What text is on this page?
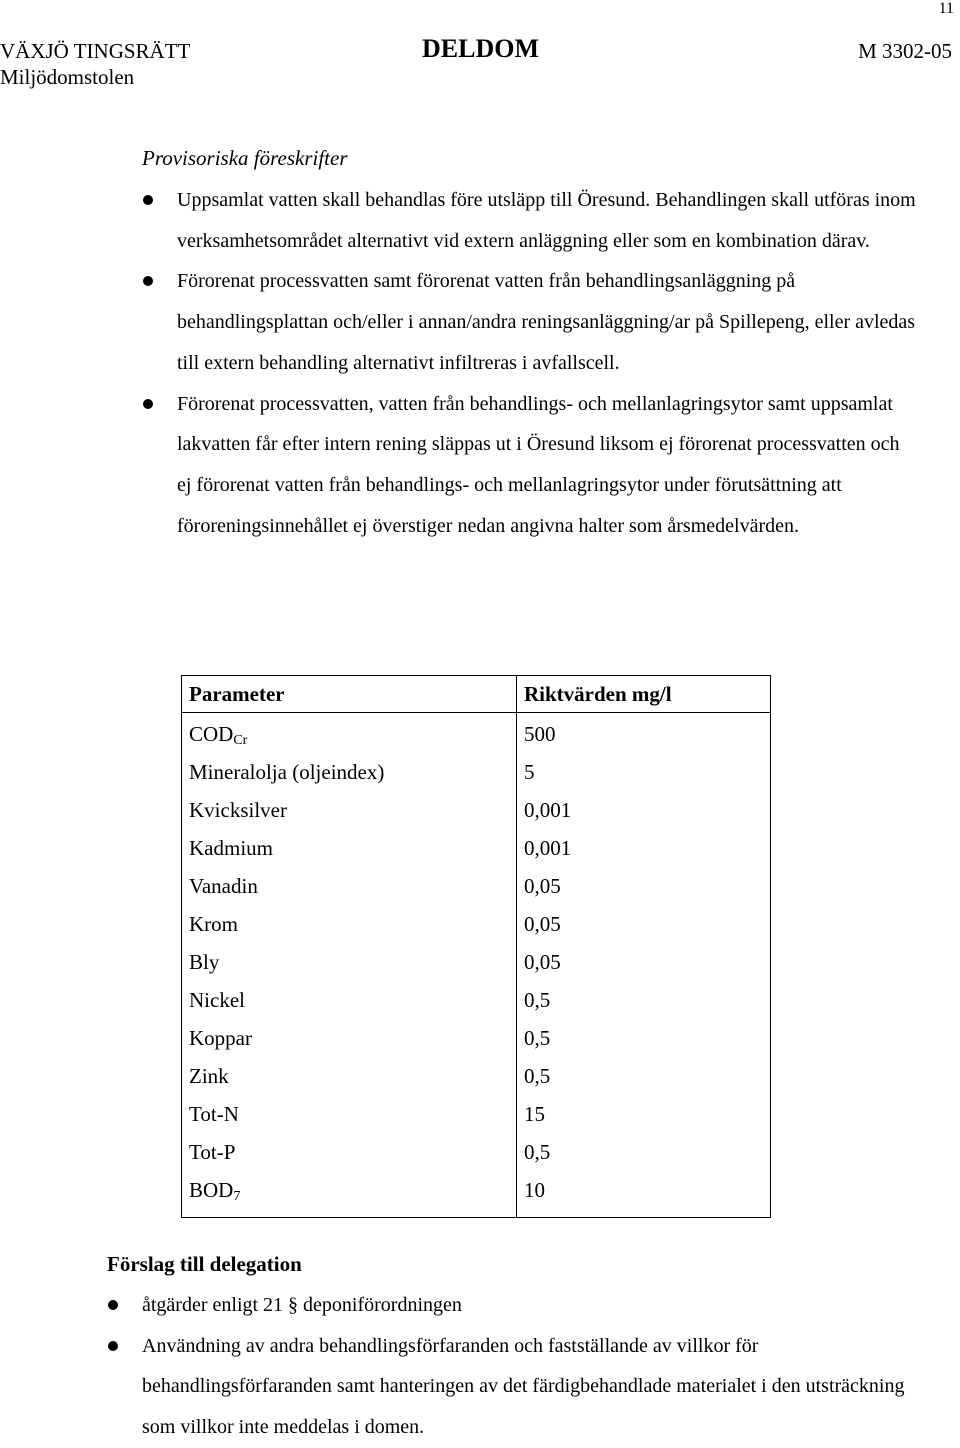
11
VÄXJÖ TINGSRÄTT
Miljödomstolen
DELDOM	M 3302-05
Provisoriska föreskrifter
Uppsamlat vatten skall behandlas före utsläpp till Öresund. Behandlingen skall utföras inom verksamhetsområdet alternativt vid extern anläggning eller som en kombination därav.
Förorenat processvatten samt förorenat vatten från behandlingsanläggning på behandlingsplattan och/eller i annan/andra reningsanläggning/ar på Spillepeng, eller avledas till extern behandling alternativt infiltreras i avfallscell.
Förorenat processvatten, vatten från behandlings- och mellanlagringsytor samt uppsamlat lakvatten får efter intern rening släppas ut i Öresund liksom ej förorenat processvatten och ej förorenat vatten från behandlings- och mellanlagringsytor under förutsättning att föroreningsinnehållet ej överstiger nedan angivna halter som årsmedelvärden.
Parameter	Riktvärden mg/l
$COD_{Cr}$	500
Mineralolja (oljeindex)	5
Kvicksilver	0,001
Kadmium	0,001
Vanadin	0,05
Krom	0,05
Bly	0,05
Nickel	0,5
Koppar	0,5
Zink	0,5
Tot-N	15
Tot-P	0,5
$BOD_7$	10
Förslag till delegation
åtgärder enligt 21 § deponiförordningen
Användning av andra behandlingsförfaranden och fastställande av villkor för behandlingsförfaranden samt hanteringen av det färdigbehandlade materialet i den utsträckning som villkor inte meddelas i domen.
